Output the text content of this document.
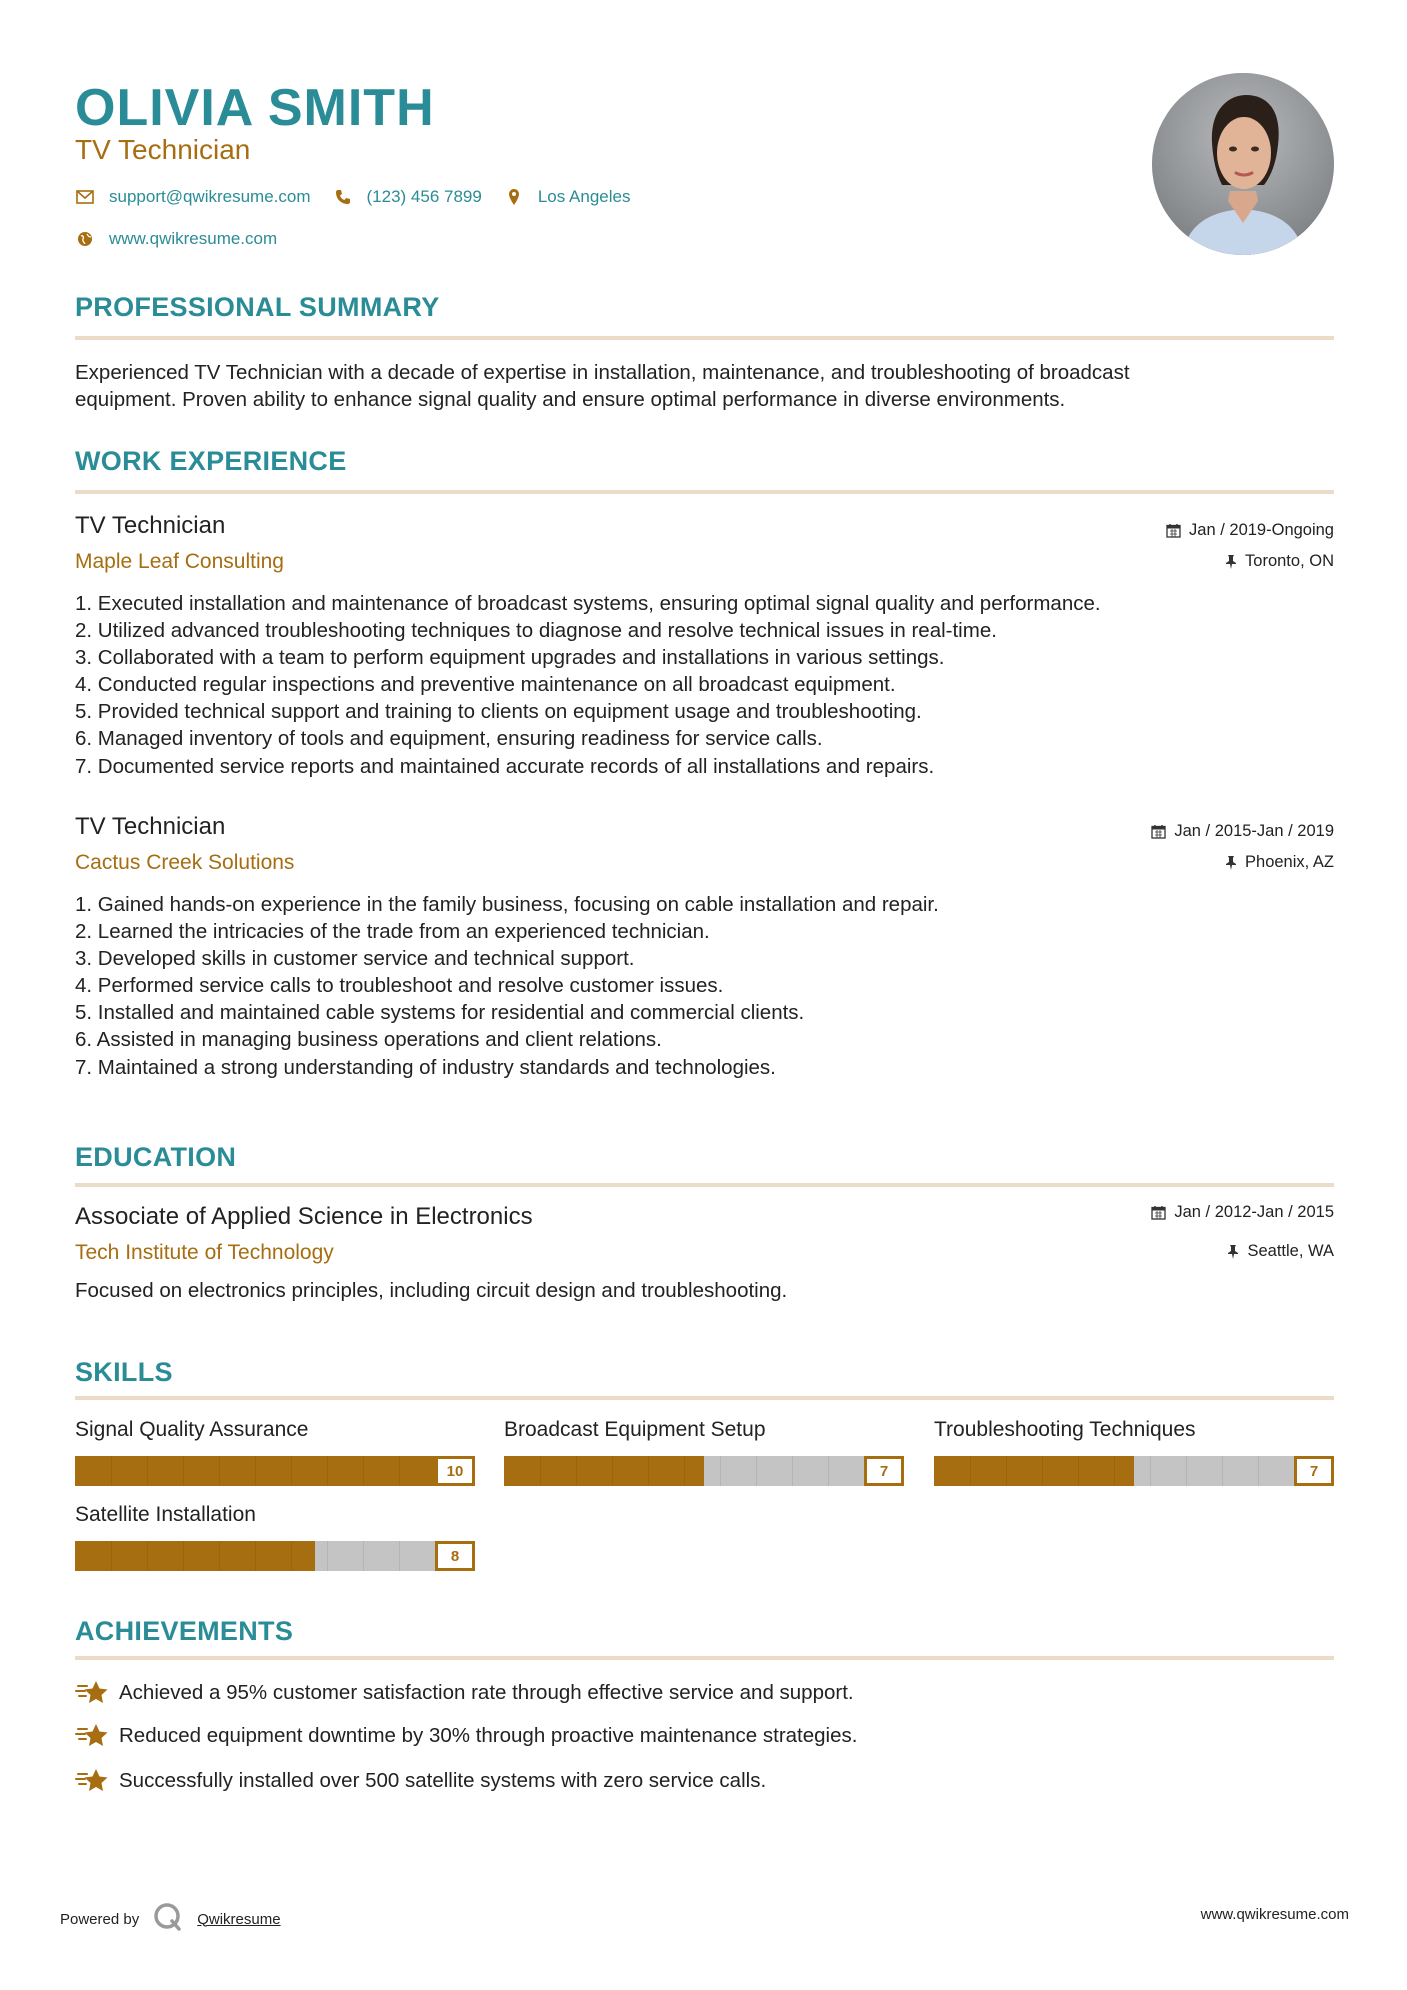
OLIVIA SMITH
TV Technician
support@qwikresume.com	(123) 456 7899	Los Angeles
www.qwikresume.com
PROFESSIONAL SUMMARY
Experienced TV Technician with a decade of expertise in installation, maintenance, and troubleshooting of broadcast
equipment. Proven ability to enhance signal quality and ensure optimal performance in diverse environments.
WORK EXPERIENCE
TV Technician
Maple Leaf Consulting
Jan / 2019-Ongoing
Toronto, ON
1. Executed installation and maintenance of broadcast systems, ensuring optimal signal quality and performance.
2. Utilized advanced troubleshooting techniques to diagnose and resolve technical issues in real-time.
3. Collaborated with a team to perform equipment upgrades and installations in various settings.
4. Conducted regular inspections and preventive maintenance on all broadcast equipment.
5. Provided technical support and training to clients on equipment usage and troubleshooting.
6. Managed inventory of tools and equipment, ensuring readiness for service calls.
7. Documented service reports and maintained accurate records of all installations and repairs.
TV Technician
Cactus Creek Solutions
Jan / 2015-Jan / 2019
Phoenix, AZ
1. Gained hands-on experience in the family business, focusing on cable installation and repair.
2. Learned the intricacies of the trade from an experienced technician.
3. Developed skills in customer service and technical support.
4. Performed service calls to troubleshoot and resolve customer issues.
5. Installed and maintained cable systems for residential and commercial clients.
6. Assisted in managing business operations and client relations.
7. Maintained a strong understanding of industry standards and technologies.
EDUCATION
Associate of Applied Science in Electronics
Tech Institute of Technology
Jan / 2012-Jan / 2015
Seattle, WA
Focused on electronics principles, including circuit design and troubleshooting.
SKILLS
Signal Quality Assurance
10
Broadcast Equipment Setup
7
Troubleshooting Techniques
7
Satellite Installation
8
ACHIEVEMENTS
Achieved a 95% customer satisfaction rate through effective service and support.
Reduced equipment downtime by 30% through proactive maintenance strategies.
Successfully installed over 500 satellite systems with zero service calls.
Powered by	Qwikresume	www.qwikresume.com
